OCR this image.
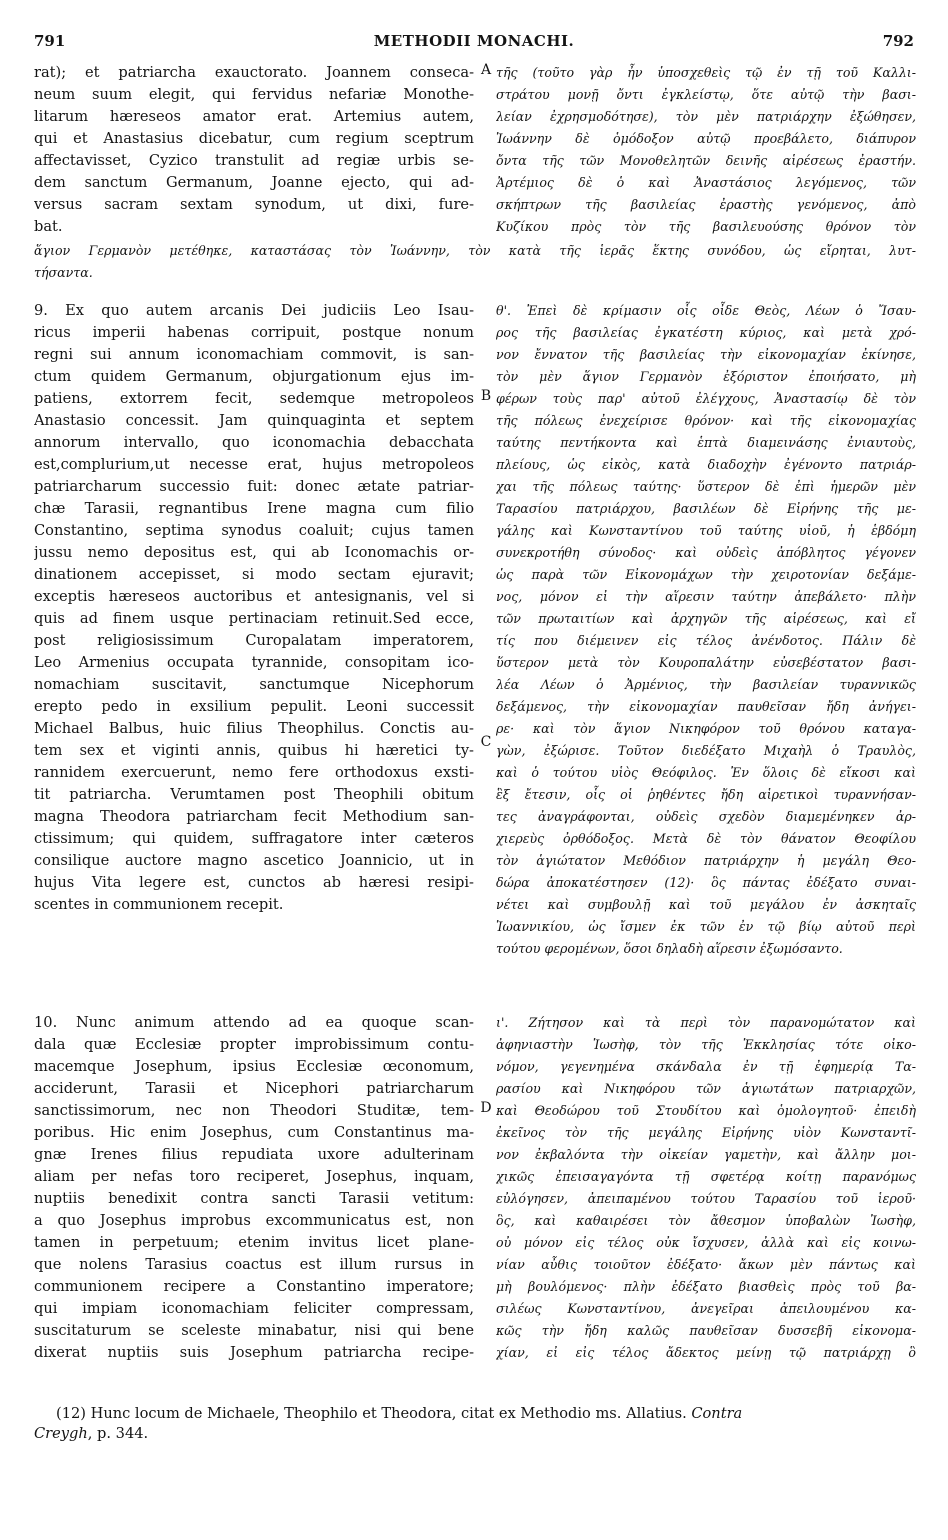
791	METHODII MONACHI.	792
rat); et patriarcha exauctorato. Joannem conseca-
neum suum elegit, qui fervidus nefariæ Monothe-
litarum hæreseos amator erat. Artemius autem,
qui et Anastasius dicebatur, cum regium sceptrum
affectavisset, Cyzico transtulit ad regiæ urbis se-
dem sanctum Germanum, Joanne ejecto, qui ad-
versus sacram sextam synodum, ut dixi, fure-
bat.
A τῆς (τοῦτο γὰρ ἦν ὑποσχεθεὶς τῷ ἐν τῇ τοῦ Καλλι-
στράτου μονῇ ὄντι ἐγκλείστῳ, ὅτε αὐτῷ τὴν βασι-
λείαν ἐχρησμοδότησε), τὸν μὲν πατριάρχην ἐξώθησεν,
Ἰωάννην δὲ ὁμόδοξον αὐτῷ προεβάλετο, διάπυρον
ὄντα τῆς τῶν Μονοθελητῶν δεινῆς αἱρέσεως ἐραστήν.
Ἀρτέμιος δὲ ὁ καὶ Ἀναστάσιος λεγόμενος, τῶν
σκήπτρων τῆς βασιλείας ἐραστὴς γενόμενος, ἀπὸ
Κυζίκου πρὸς τὸν τῆς βασιλευούσης θρόνον τὸν
ἅγιον Γερμανὸν μετέθηκε, καταστάσας τὸν Ἰωάννην, τὸν κατὰ τῆς ἱερᾶς ἕκτης συνόδου, ὡς εἴρηται, λυτ-
τήσαντα.
9. Ex quo autem arcanis Dei judiciis Leo Isau-
ricus imperii habenas corripuit, postque nonum
regni sui annum iconomachiam commovit, is san-
ctum quidem Germanum, objurgationum ejus im-
patiens, extorrem fecit, sedemque metropoleos
Anastasio concessit. Jam quinquaginta et septem
annorum intervallo, quo iconomachia debacchata
est,complurium,ut necesse erat, hujus metropoleos
patriarcharum successio fuit: donec ætate patriar-
chæ Tarasii, regnantibus Irene magna cum filio
Constantino, septima synodus coaluit; cujus tamen
jussu nemo depositus est, qui ab Iconomachis or-
dinationem accepisset, si modo sectam ejuravit;
exceptis hæreseos auctoribus et antesignanis, vel si
quis ad finem usque pertinaciam retinuit.Sed ecce,
post religiosissimum Curopalatam imperatorem,
Leo Armenius occupata tyrannide, consopitam ico-
nomachiam suscitavit, sanctumque Nicephorum
erepto pedo in exsilium pepulit. Leoni successit
Michael Balbus, huic filius Theophilus. Conctis au-
tem sex et viginti annis, quibus hi hæretici ty-
rannidem exercuerunt, nemo fere orthodoxus exsti-
tit patriarcha. Verumtamen post Theophili obitum
magna Theodora patriarcham fecit Methodium san-
ctissimum; qui quidem, suffragatore inter cæteros
consilique auctore magno ascetico Joannicio, ut in
hujus Vita legere est, cunctos ab hæresi resipi-
scentes in communionem recepit.
B
C
θ'. Ἐπεὶ δὲ κρίμασιν οἷς οἶδε Θεὸς, Λέων ὁ Ἴσαυ-
ρος τῆς βασιλείας ἐγκατέστη κύριος, καὶ μετὰ χρό-
νον ἔννατον τῆς βασιλείας τὴν εἰκονομαχίαν ἐκίνησε,
τὸν μὲν ἅγιον Γερμανὸν ἐξόριστον ἐποιήσατο, μὴ
φέρων τοὺς παρ' αὐτοῦ ἐλέγχους, Ἀναστασίῳ δὲ τὸν
τῆς πόλεως ἐνεχείρισε θρόνον· καὶ τῆς εἰκονομαχίας
ταύτης πεντήκοντα καὶ ἑπτὰ διαμεινάσης ἐνιαυτοὺς,
πλείους, ὡς εἰκὸς, κατὰ διαδοχὴν ἐγένοντο πατριάρ-
χαι τῆς πόλεως ταύτης· ὕστερον δὲ ἐπὶ ἡμερῶν μὲν
Ταρασίου πατριάρχου, βασιλέων δὲ Εἰρήνης τῆς με-
γάλης καὶ Κωνσταντίνου τοῦ ταύτης υἱοῦ, ἡ ἑβδόμη
συνεκροτήθη σύνοδος· καὶ οὐδεὶς ἀπόβλητος γέγονεν
ὡς παρὰ τῶν Εἰκονομάχων τὴν χειροτονίαν δεξάμε-
νος, μόνον εἰ τὴν αἵρεσιν ταύτην ἀπεβάλετο· πλὴν
τῶν πρωταιτίων καὶ ἀρχηγῶν τῆς αἱρέσεως, καὶ εἴ
τίς που διέμεινεν εἰς τέλος ἀνένδοτος. Πάλιν δὲ
ὕστερον μετὰ τὸν Κουροπαλάτην εὐσεβέστατον βασι-
λέα Λέων ὁ Ἀρμένιος, τὴν βασιλείαν τυραννικῶς
δεξάμενος, τὴν εἰκονομαχίαν παυθεῖσαν ἤδη ἀνήγει-
ρε· καὶ τὸν ἅγιον Νικηφόρον τοῦ θρόνου καταγα-
γὼν, ἐξώρισε. Τοῦτον διεδέξατο Μιχαὴλ ὁ Τραυλὸς,
καὶ ὁ τούτου υἱὸς Θεόφιλος. Ἐν ὅλοις δὲ εἴκοσι καὶ
ἓξ ἔτεσιν, οἷς οἱ ῥηθέντες ἤδη αἱρετικοὶ τυραννήσαν-
τες ἀναγράφονται, οὐδεὶς σχεδὸν διαμεμένηκεν ἀρ-
χιερεὺς ὀρθόδοξος. Μετὰ δὲ τὸν θάνατον Θεοφίλου
τὸν ἁγιώτατον Μεθόδιον πατριάρχην ἡ μεγάλη Θεο-
δώρα ἀποκατέστησεν (12)· ὃς πάντας ἐδέξατο συναι-
νέτει καὶ συμβουλῇ καὶ τοῦ μεγάλου ἐν ἀσκηταῖς
Ἰωαννικίου, ὡς ἴσμεν ἐκ τῶν ἐν τῷ βίῳ αὐτοῦ περὶ
τούτου φερομένων, ὅσοι δηλαδὴ αἵρεσιν ἐξωμόσαντο.
10. Nunc animum attendo ad ea quoque scan-
dala quæ Ecclesiæ propter improbissimum contu-
macemque Josephum, ipsius Ecclesiæ œconomum,
acciderunt, Tarasii et Nicephori patriarcharum
sanctissimorum, nec non Theodori Studitæ, tem-
poribus. Hic enim Josephus, cum Constantinus ma-
gnæ Irenes filius repudiata uxore adulterinam
aliam per nefas toro reciperet, Josephus, inquam,
nuptiis benedixit contra sancti Tarasii vetitum:
a quo Josephus improbus excommunicatus est, non
tamen in perpetuum; etenim invitus licet plane-
que nolens Tarasius coactus est illum rursus in
communionem recipere a Constantino imperatore;
qui impiam iconomachiam feliciter compressam,
suscitaturum se sceleste minabatur, nisi qui bene
dixerat nuptiis suis Josephum patriarcha recipe-
D
ι'. Ζήτησον καὶ τὰ περὶ τὸν παρανομώτατον καὶ
ἀφηνιαστὴν Ἰωσὴφ, τὸν τῆς Ἐκκλησίας τότε οἰκο-
νόμον, γεγενημένα σκάνδαλα ἐν τῇ ἐφημερίᾳ Τα-
ρασίου καὶ Νικηφόρου τῶν ἁγιωτάτων πατριαρχῶν,
καὶ Θεοδώρου τοῦ Στουδίτου καὶ ὁμολογητοῦ· ἐπειδὴ
ἐκεῖνος τὸν τῆς μεγάλης Εἰρήνης υἱὸν Κωνσταντῖ-
νον ἐκβαλόντα τὴν οἰκείαν γαμετὴν, καὶ ἄλλην μοι-
χικῶς ἐπεισαγαγόντα τῇ σφετέρᾳ κοίτῃ παρανόμως
εὐλόγησεν, ἀπειπαμένου τούτου Ταρασίου τοῦ ἱεροῦ·
ὃς, καὶ καθαιρέσει τὸν ἄθεσμον ὑποβαλὼν Ἰωσὴφ,
οὐ μόνον εἰς τέλος οὐκ ἴσχυσεν, ἀλλὰ καὶ εἰς κοινω-
νίαν αὖθις τοιοῦτον ἐδέξατο· ἄκων μὲν πάντως καὶ
μὴ βουλόμενος· πλὴν ἐδέξατο βιασθεὶς πρὸς τοῦ βα-
σιλέως Κωνσταντίνου, ἀνεγεῖραι ἀπειλουμένου κα-
κῶς τὴν ἤδη καλῶς παυθεῖσαν δυσσεβῆ εἰκονομα-
χίαν, εἰ εἰς τέλος ἄδεκτος μείνῃ τῷ πατριάρχῃ ὃ
(12) Hunc locum de Michaele, Theophilo et Theodora, citat ex Methodio ms. Allatius. Contra
Creygh, p. 344.
